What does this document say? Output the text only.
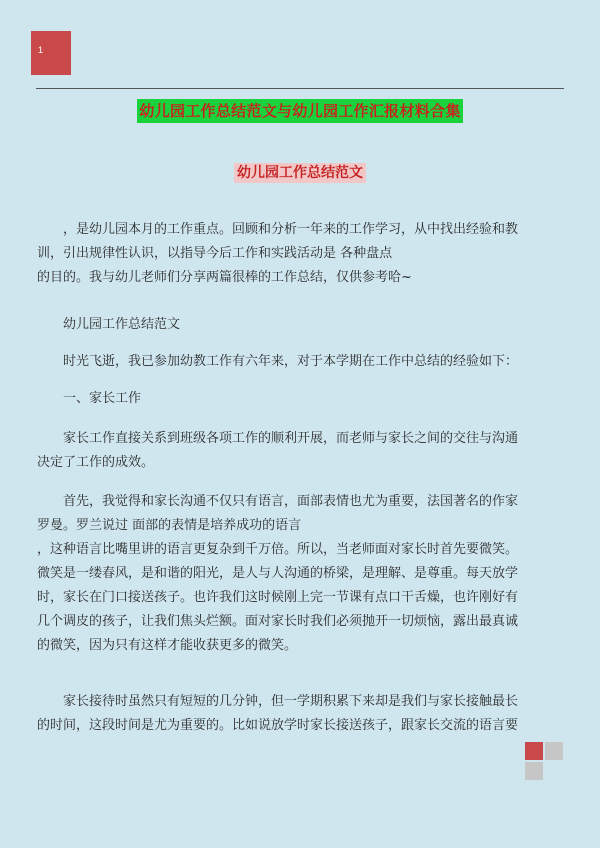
1
幼儿园工作总结范文与幼儿园工作汇报材料合集
幼儿园工作总结范文

，是幼儿园本月的工作重点。回顾和分析一年来的工作学习，从中找出经验和教

训，引出规律性认识，以指导今后工作和实践活动是 各种盘点

的目的。我与幼儿老师们分享两篇很棒的工作总结，仅供参考哈~

幼儿园工作总结范文

时光飞逝，我已参加幼教工作有六年来，对于本学期在工作中总结的经验如下：

一、家长工作

家长工作直接关系到班级各项工作的顺利开展，而老师与家长之间的交往与沟通

决定了工作的成效。

首先，我觉得和家长沟通不仅只有语言，面部表情也尤为重要，法国著名的作家

罗曼。罗兰说过 面部的表情是培养成功的语言

，这种语言比嘴里讲的语言更复杂到千万倍。所以，当老师面对家长时首先要微笑。

微笑是一缕春风，是和谐的阳光，是人与人沟通的桥梁，是理解、是尊重。每天放学

时，家长在门口接送孩子。也许我们这时候刚上完一节课有点口干舌燥，也许刚好有

几个调皮的孩子，让我们焦头烂额。面对家长时我们必须抛开一切烦恼，露出最真诚

的微笑，因为只有这样才能收获更多的微笑。

家长接待时虽然只有短短的几分钟，但一学期积累下来却是我们与家长接触最长

的时间，这段时间是尤为重要的。比如说放学时家长接送孩子，跟家长交流的语言要
